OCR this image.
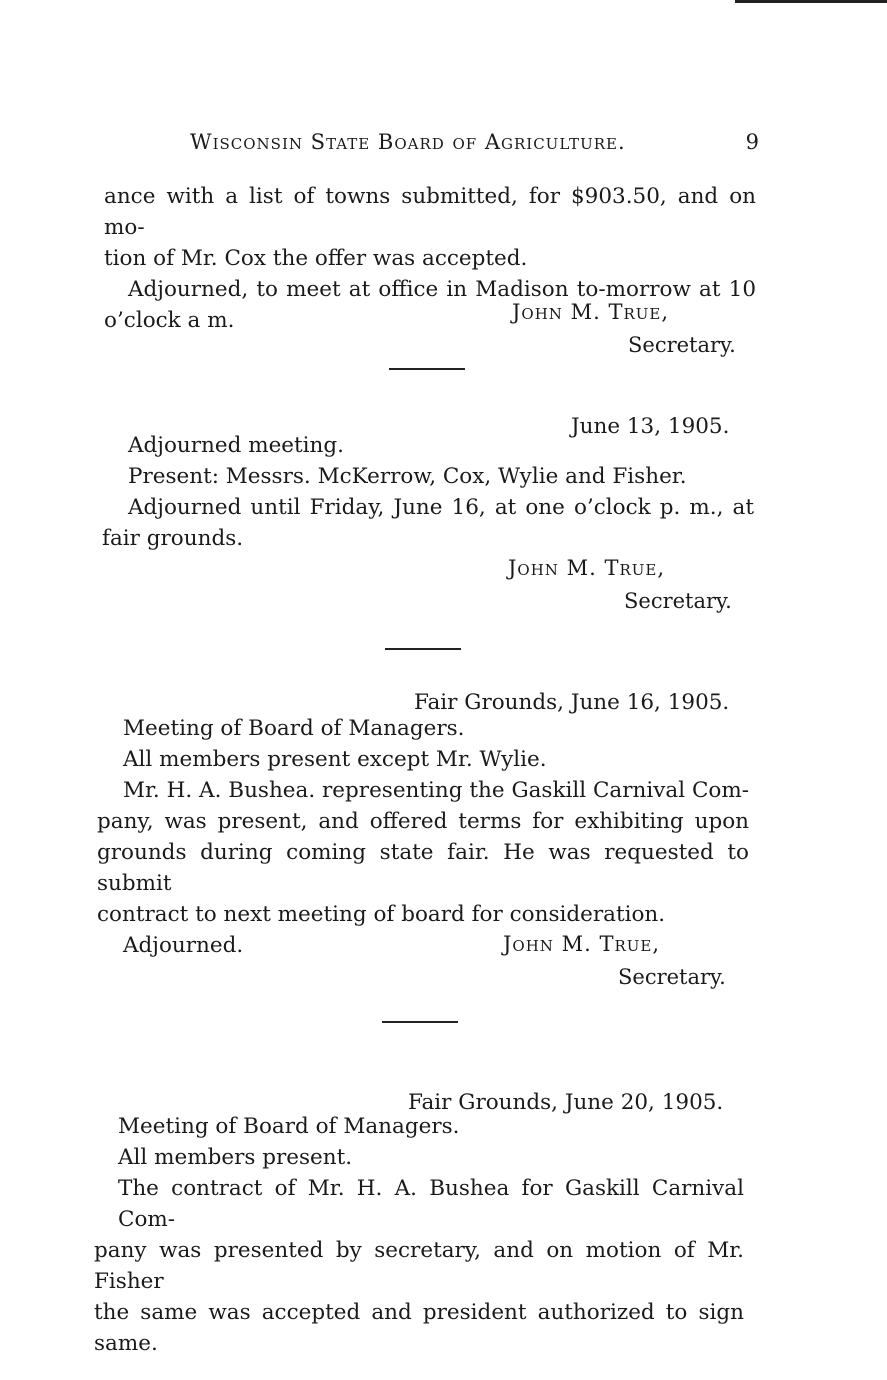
Wisconsin State Board of Agriculture.	9

ance with a list of towns submitted, for $903.50, and on mo-

tion of Mr. Cox the offer was accepted.

Adjourned, to meet at office in Madison to-morrow at 10

o’clock a m.	John M. True,
Secretary.
June 13, 1905.

Adjourned meeting.

Present: Messrs. McKerrow, Cox, Wylie and Fisher.

Adjourned until Friday, June 16, at one o’clock p. m., at

fair grounds.

John M. True,
Secretary.
Fair Grounds, June 16, 1905.

Meeting of Board of Managers.

All members present except Mr. Wylie.

Mr. H. A. Bushea. representing the Gaskill Carnival Com-

pany, was present, and offered terms for exhibiting upon

grounds during coming state fair. He was requested to submit

contract to next meeting of board for consideration.

Adjourned.	John M. True,
Secretary.
Fair Grounds, June 20, 1905.

Meeting of Board of Managers.

All members present.

The contract of Mr. H. A. Bushea for Gaskill Carnival Com-

pany was presented by secretary, and on motion of Mr. Fisher

the same was accepted and president authorized to sign same.
